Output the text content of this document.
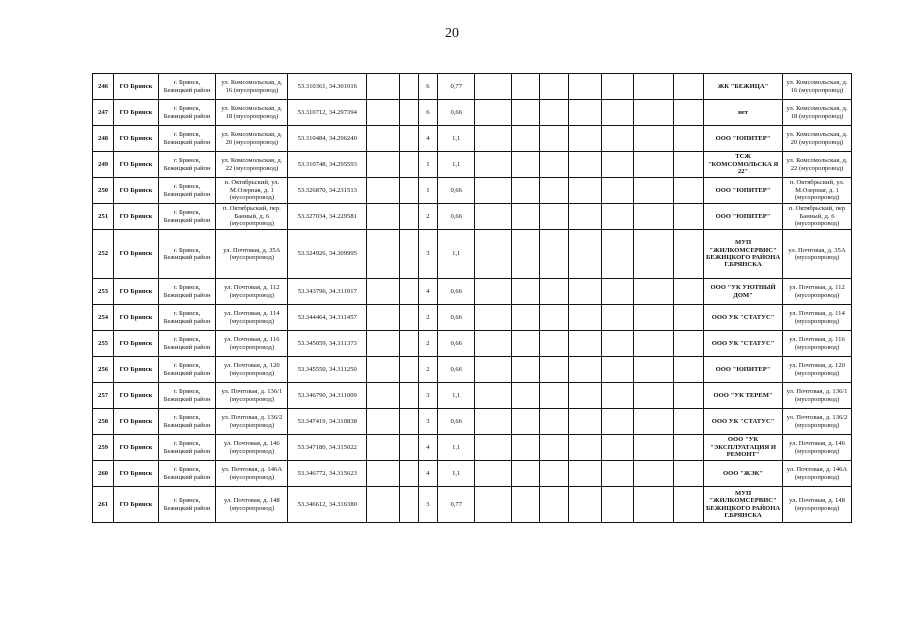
20
246	ГО Брянск	г. Брянск, Бежицкий район	ул. Комсомольская, д. 16 (мусоропровод)	53.310361, 34.301016			6	0,77								ЖК "БЕЖИЦА"	ул. Комсомольская, д. 16 (мусоропровод)
247	ГО Брянск	г. Брянск, Бежицкий район	ул. Комсомольская, д. 18 (мусоропровод)	53.310712, 34.297394			6	0,66								нет	ул. Комсомольская, д. 18 (мусоропровод)
248	ГО Брянск	г. Брянск, Бежицкий район	ул. Комсомольская, д. 20 (мусоропровод)	53.310484, 34.296240			4	1,1								ООО "ЮПИТЕР"	ул. Комсомольская, д. 20 (мусоропровод)
249	ГО Брянск	г. Брянск, Бежицкий район	ул. Комсомольская, д. 22 (мусоропровод)	53.310748, 34.295593			1	1,1								ТСЖ "КОМСОМОЛЬСКА Я 22"	ул. Комсомольская, д. 22 (мусоропровод)
250	ГО Брянск	г. Брянск, Бежицкий район	п. Октябрьский, ул. М.Озерная, д. 1 (мусоропровод)	53.326870, 34.231513			1	0,66								ООО "ЮПИТЕР"	п. Октябрьский, ул. М.Озерная, д. 1 (мусоропровод)
251	ГО Брянск	г. Брянск, Бежицкий район	п. Октябрьский, пер. Банный, д. 6 (мусоропровод)	53.327034, 34.229581			2	0,66								ООО "ЮПИТЕР"	п. Октябрьский, пер Банный, д. 6 (мусоропровод)
252	ГО Брянск	г. Брянск, Бежицкий район	ул. Почтовая, д. 35А (мусоропровод)	53.324926, 34.309995			3	1,1								МУП "ЖИЛКОМСЕРВИС" БЕЖИЦКОГО РАЙОНА Г.БРЯНСКА	ул. Почтовая, д. 35А (мусоропровод)
253	ГО Брянск	г. Брянск, Бежицкий район	ул. Почтовая, д. 112 (мусоропровод)	53.343796, 34.311017			4	0,66								ООО "УК УЮТНЫЙ ДОМ"	ул. Почтовая, д. 112 (мусоропровод)
254	ГО Брянск	г. Брянск, Бежицкий район	ул. Почтовая, д. 114 (мусоропровод)	53.344464, 34.311457			2	0,66								ООО УК "СТАТУС"	ул. Почтовая, д. 114 (мусоропровод)
255	ГО Брянск	г. Брянск, Бежицкий район	ул. Почтовая, д. 116 (мусоропровод)	53.345059, 34.311373			2	0,66								ООО УК "СТАТУС"	ул. Почтовая, д. 116 (мусоропровод)
256	ГО Брянск	г. Брянск, Бежицкий район	ул. Почтовая, д. 120 (мусоропровод)	53.345550, 34.311250			2	0,66								ООО "ЮПИТЕР"	ул. Почтовая, д. 120 (мусоропровод)
257	ГО Брянск	г. Брянск, Бежицкий район	ул. Почтовая, д. 136/1 (мусоропровод)	53.346790, 34.311009			3	1,1								ООО "УК ТЕРЕМ"	ул. Почтовая, д. 136/1 (мусоропровод)
258	ГО Брянск	г. Брянск, Бежицкий район	ул. Почтовая, д. 136/2 (мусоропровод)	53.347419, 34.310838			3	0,66								ООО УК "СТАТУС"	ул. Почтовая, д. 136/2 (мусоропровод)
259	ГО Брянск	г. Брянск, Бежицкий район	ул. Почтовая, д. 146 (мусоропровод)	53.347180, 34.315022			4	1,1								ООО "УК "ЭКСПЛУАТАЦИЯ И РЕМОНТ"	ул. Почтовая, д. 146 (мусоропровод)
260	ГО Брянск	г. Брянск, Бежицкий район	ул. Почтовая, д. 146А (мусоропровод)	53.346772, 34.315623			4	1,1								ООО "ЖЭК"	ул. Почтовая, д. 146А (мусоропровод)
261	ГО Брянск	г. Брянск, Бежицкий район	ул. Почтовая, д. 148 (мусоропровод)	53.346612, 34.316380			3	0,77								МУП "ЖИЛКОМСЕРВИС" БЕЖИЦКОГО РАЙОНА Г.БРЯНСКА	ул. Почтовая, д. 148 (мусоропровод)
